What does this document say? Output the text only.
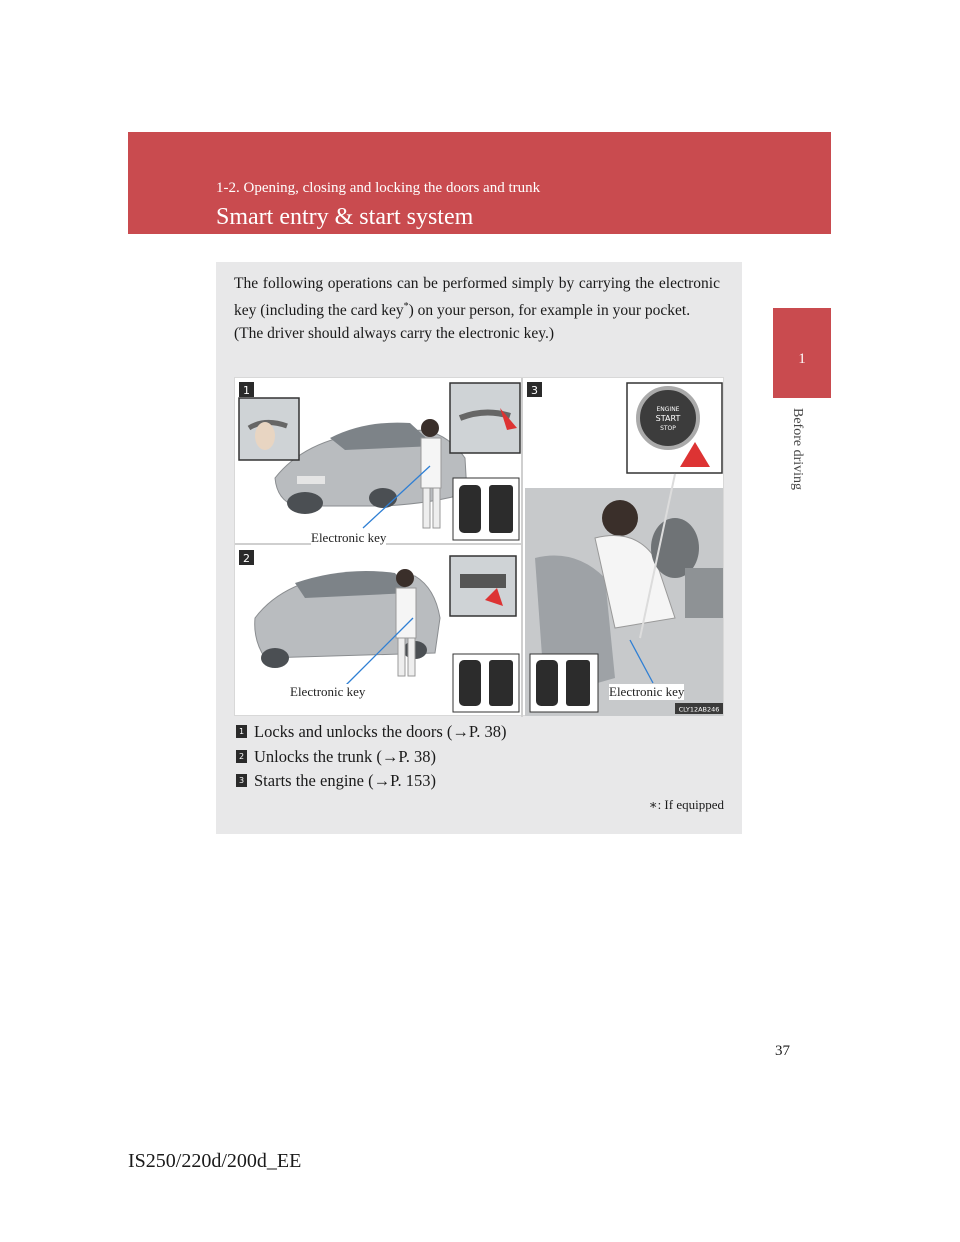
1-2. Opening, closing and locking the doors and trunk
Smart entry & start system
1
Before driving

The following operations can be performed simply by carrying the electronic key (including the card key*) on your person, for example in your pocket.

(The driver should always carry the electronic key.)

ENGINE
START
STOP
1
2
3
CLY12AB246
Electronic key
Electronic key	Electronic key
1 Locks and unlocks the doors (→P. 38)
2 Unlocks the trunk (→P. 38)
3 Starts the engine (→P. 153)
∗: If equipped
37
IS250/220d/200d_EE
